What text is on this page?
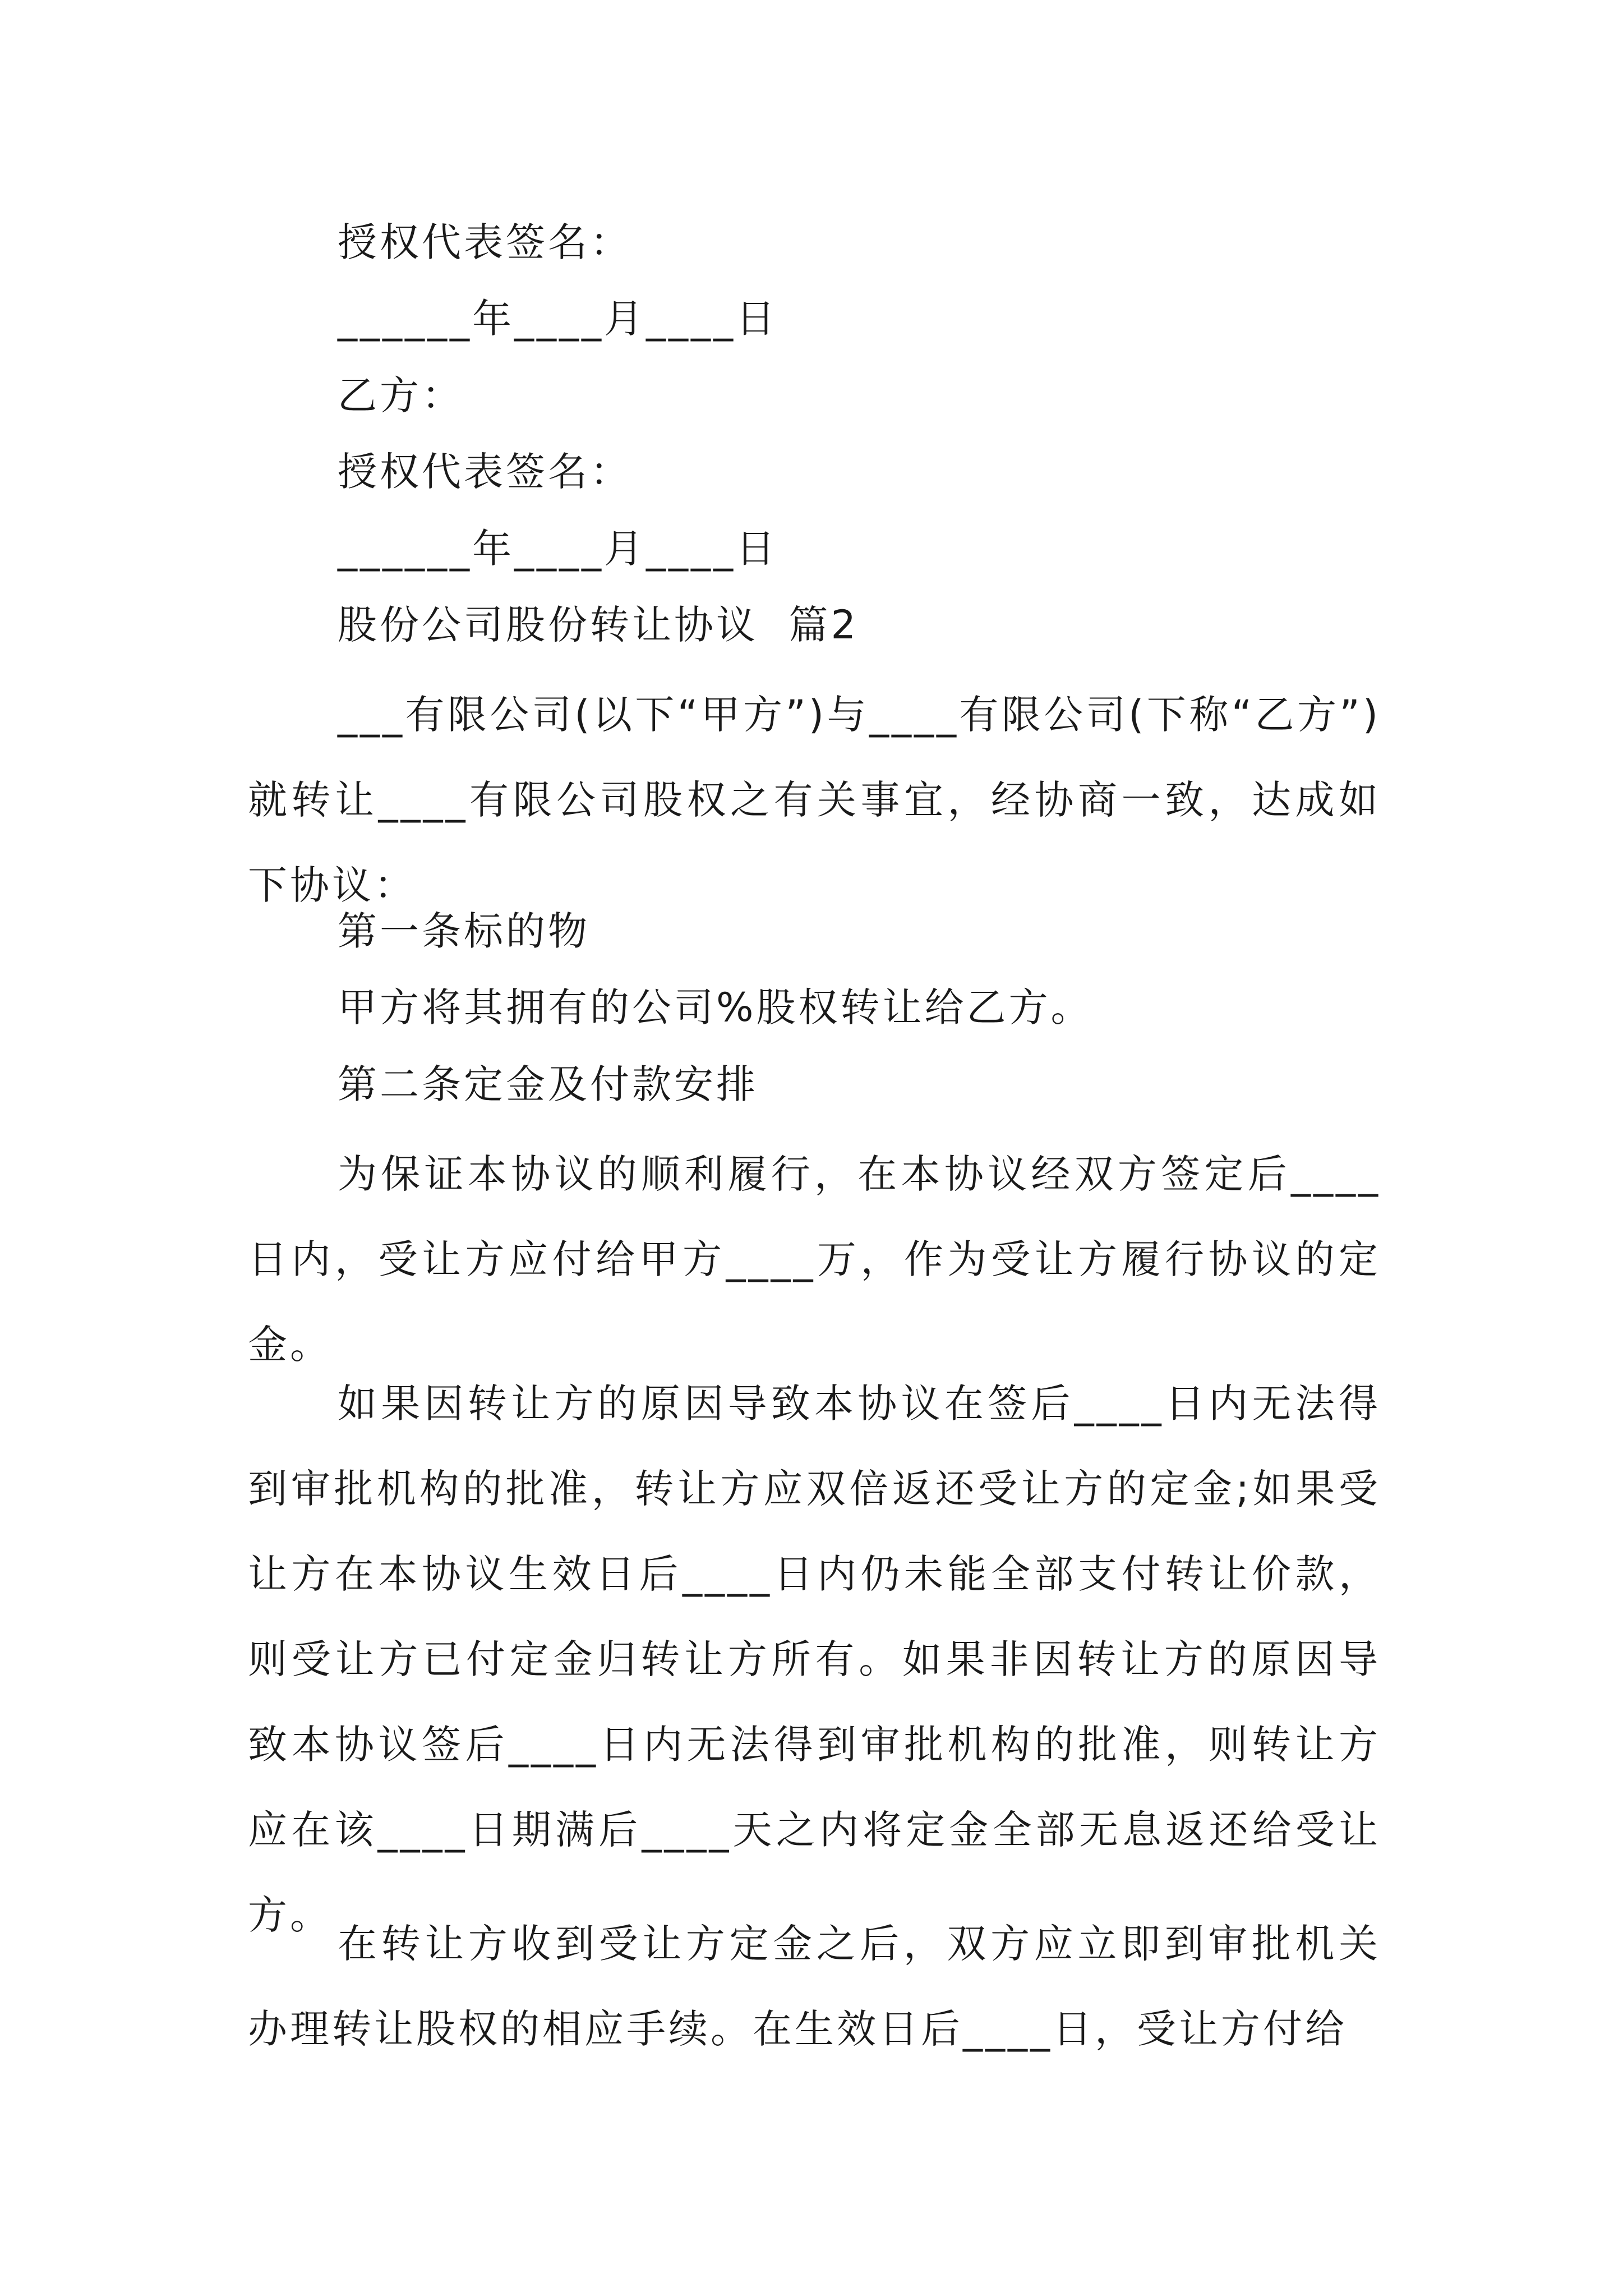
授权代表签名：
______年____月____日
乙方：
授权代表签名：
______年____月____日
股份公司股份转让协议  篇2
___有限公司(以下“甲方”)与____有限公司(下称“乙方”)就转让____有限公司股权之有关事宜，经协商一致，达成如下协议：
第一条标的物
甲方将其拥有的公司%股权转让给乙方。
第二条定金及付款安排
为保证本协议的顺利履行，在本协议经双方签定后____日内，受让方应付给甲方____万，作为受让方履行协议的定金。
如果因转让方的原因导致本协议在签后____日内无法得到审批机构的批准，转让方应双倍返还受让方的定金;如果受让方在本协议生效日后____日内仍未能全部支付转让价款，则受让方已付定金归转让方所有。如果非因转让方的原因导致本协议签后____日内无法得到审批机构的批准，则转让方应在该____日期满后____天之内将定金全部无息返还给受让方。
在转让方收到受让方定金之后，双方应立即到审批机关办理转让股权的相应手续。在生效日后____日，受让方付给
